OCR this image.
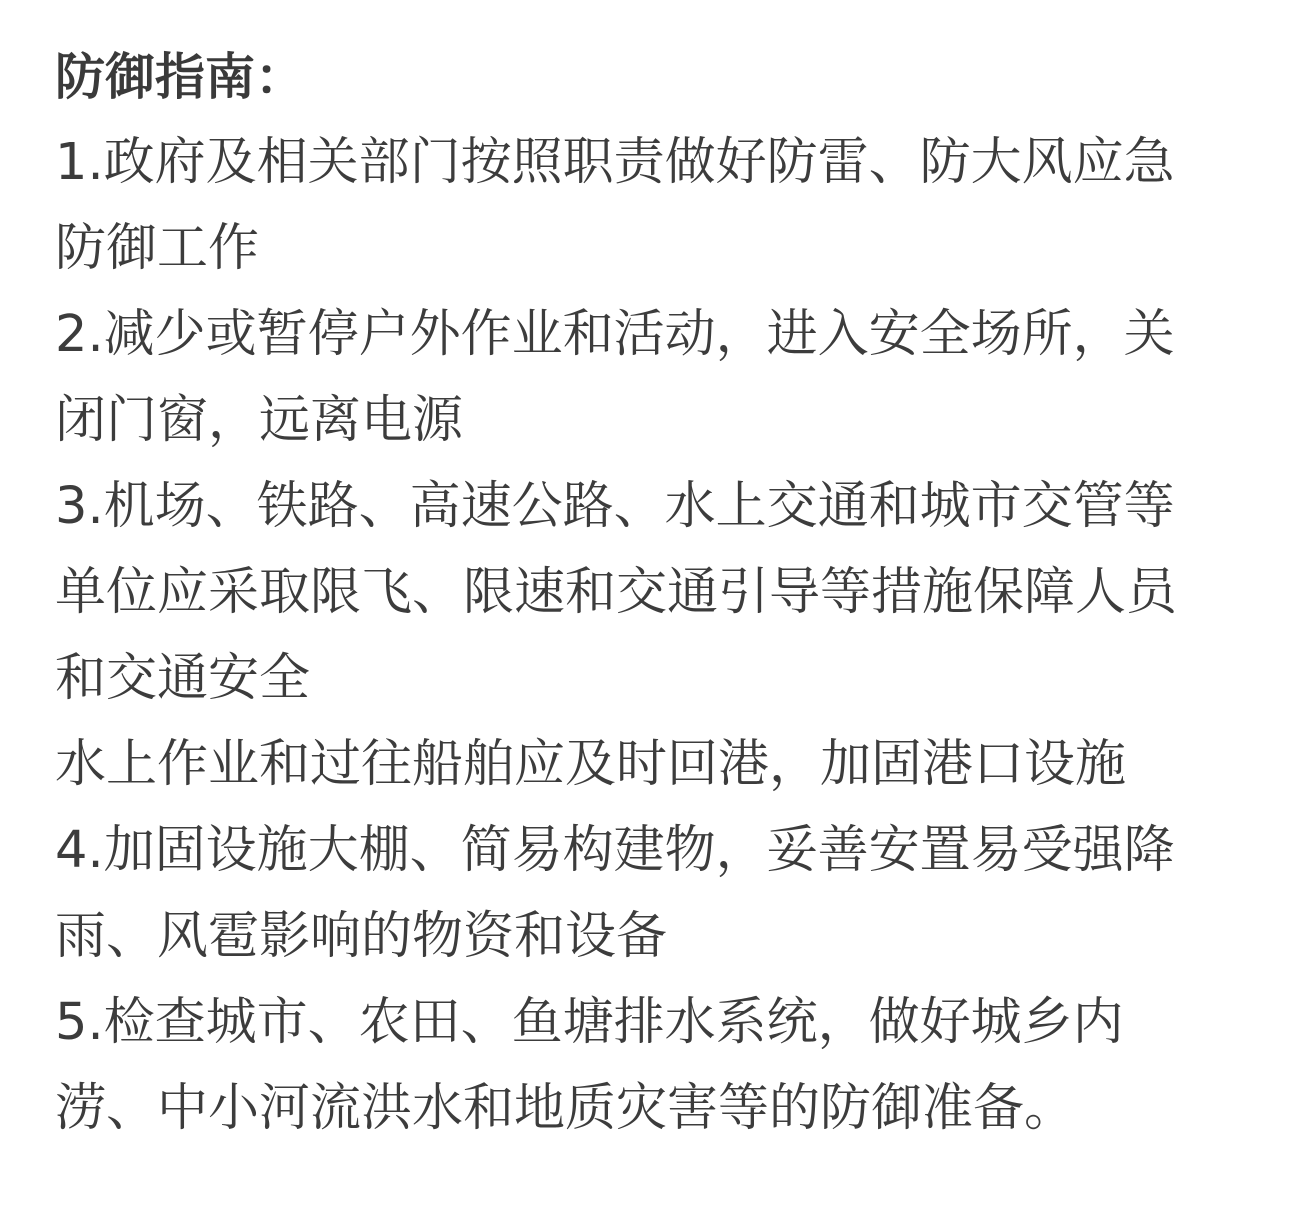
防御指南：
1.政府及相关部门按照职责做好防雷、防大风应急
防御工作
2.减少或暂停户外作业和活动，进入安全场所，关
闭门窗，远离电源
3.机场、铁路、高速公路、水上交通和城市交管等
单位应采取限飞、限速和交通引导等措施保障人员
和交通安全
水上作业和过往船舶应及时回港，加固港口设施
4.加固设施大棚、简易构建物，妥善安置易受强降
雨、风雹影响的物资和设备
5.检查城市、农田、鱼塘排水系统，做好城乡内
涝、中小河流洪水和地质灾害等的防御准备。
